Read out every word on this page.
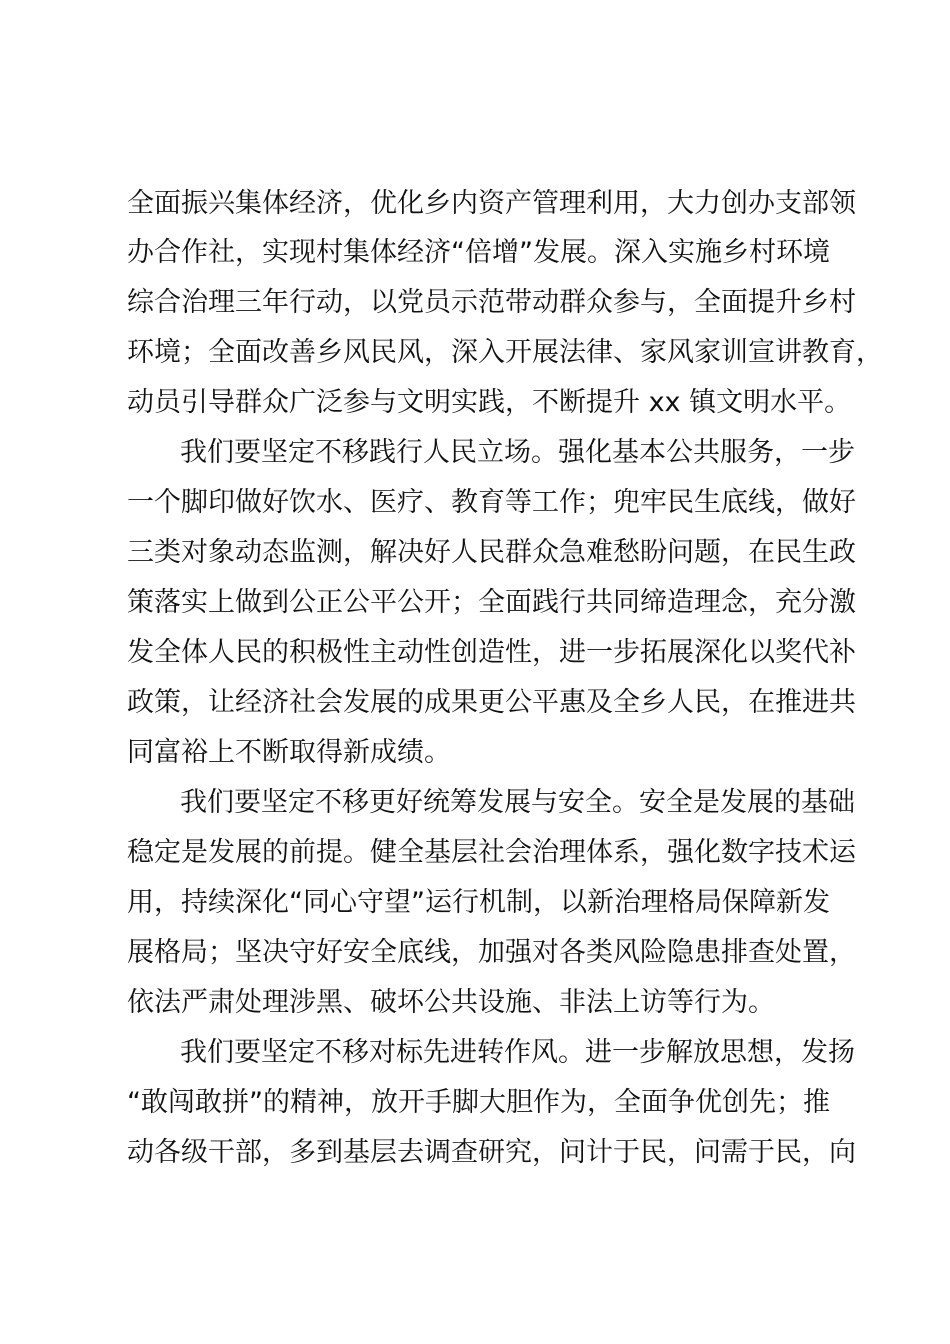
全面振兴集体经济，优化乡内资产管理利用，大力创办支部领
办合作社，实现村集体经济“倍增”发展。深入实施乡村环境
综合治理三年行动，以党员示范带动群众参与，全面提升乡村
环境；全面改善乡风民风，深入开展法律、家风家训宣讲教育，
动员引导群众广泛参与文明实践，不断提升 xx 镇文明水平。
我们要坚定不移践行人民立场。强化基本公共服务，一步
一个脚印做好饮水、医疗、教育等工作；兜牢民生底线，做好
三类对象动态监测，解决好人民群众急难愁盼问题，在民生政
策落实上做到公正公平公开；全面践行共同缔造理念，充分激
发全体人民的积极性主动性创造性，进一步拓展深化以奖代补
政策，让经济社会发展的成果更公平惠及全乡人民，在推进共
同富裕上不断取得新成绩。
我们要坚定不移更好统筹发展与安全。安全是发展的基础
稳定是发展的前提。健全基层社会治理体系，强化数字技术运
用，持续深化“同心守望”运行机制，以新治理格局保障新发
展格局；坚决守好安全底线，加强对各类风险隐患排查处置，
依法严肃处理涉黑、破坏公共设施、非法上访等行为。
我们要坚定不移对标先进转作风。进一步解放思想，发扬
“敢闯敢拼”的精神，放开手脚大胆作为，全面争优创先；推
动各级干部，多到基层去调查研究，问计于民，问需于民，向
